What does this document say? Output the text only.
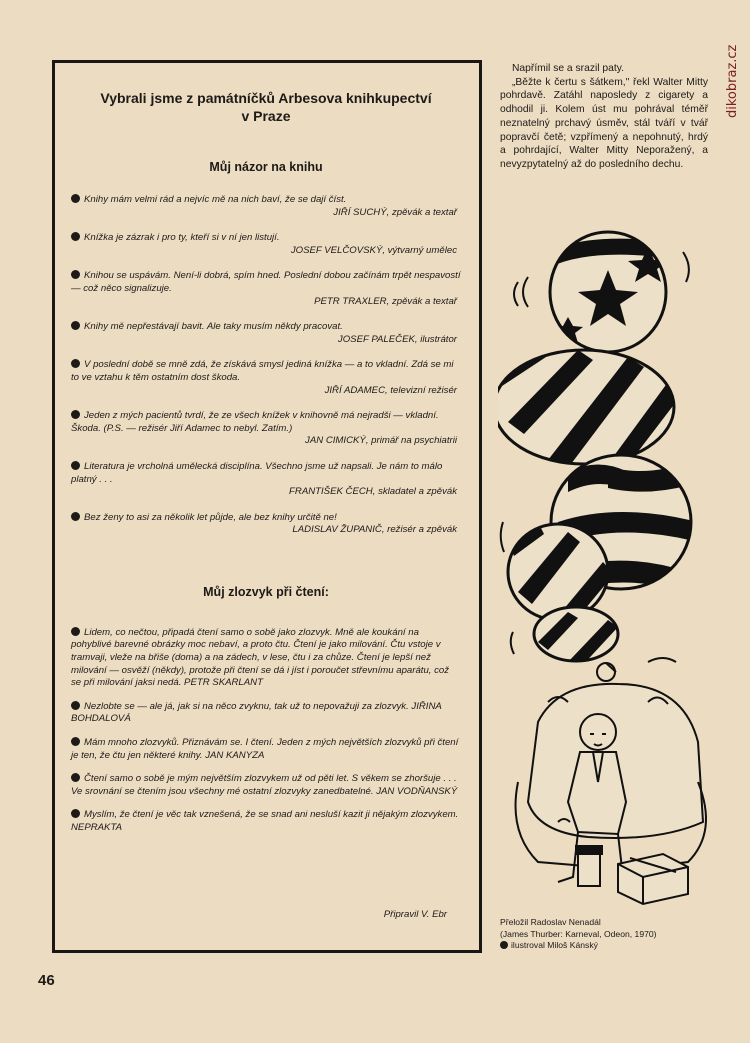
dikobraz.cz
Vybrali jsme z památníčků Arbesova knihkupectví
v Praze
Můj názor na knihu
Knihy mám velmi rád a nejvíc mě na nich baví, že se dají číst.
JIŘÍ SUCHÝ, zpěvák a textař
Knížka je zázrak i pro ty, kteří si v ní jen listují.
JOSEF VELČOVSKÝ, výtvarný umělec
Knihou se uspávám. Není-li dobrá, spím hned. Poslední dobou začínám trpět nespavostí — což něco signalizuje.
PETR TRAXLER, zpěvák a textař
Knihy mě nepřestávají bavit. Ale taky musím někdy pracovat.
JOSEF PALEČEK, ilustrátor
V poslední době se mně zdá, že získává smysl jediná knížka — a to vkladní. Zdá se mi to ve vztahu k těm ostatním dost škoda.
JIŘÍ ADAMEC, televizní režisér
Jeden z mých pacientů tvrdí, že ze všech knížek v knihovně má nejradši — vkladní. Škoda. (P.S. — režisér Jiří Adamec to nebyl. Zatím.)
JAN CIMICKÝ, primář na psychiatrii
Literatura je vrcholná umělecká disciplína. Všechno jsme už napsali. Je nám to málo platný . . .
FRANTIŠEK ČECH, skladatel a zpěvák
Bez ženy to asi za několik let půjde, ale bez knihy určitě ne!
LADISLAV ŽUPANIČ, režisér a zpěvák
Můj zlozvyk při čtení:
Lidem, co nečtou, připadá čtení samo o sobě jako zlozvyk. Mně ale koukání na pohyblivé barevné obrázky moc nebaví, a proto čtu. Čtení je jako milování. Čtu vstoje v tramvaji, vleže na břiše (doma) a na zádech, v lese, čtu i za chůze. Čtení je lepší než milování — osvěží (někdy), protože při čtení se dá i jíst i poroučet střevnímu aparátu, což se při milování jaksi nedá. PETR SKARLANT
Nezlobte se — ale já, jak si na něco zvyknu, tak už to nepovažuji za zlozvyk. JIŘINA BOHDALOVÁ
Mám mnoho zlozvyků. Přiznávám se. I čtení. Jeden z mých největších zlozvyků při čtení je ten, že čtu jen některé knihy. JAN KANYZA
Čtení samo o sobě je mým největším zlozvykem už od pěti let. S věkem se zhoršuje . . . Ve srovnání se čtením jsou všechny mé ostatní zlozvyky zanedbatelné. JAN VODŇANSKÝ
Myslím, že čtení je věc tak vznešená, že se snad ani nesluší kazit ji nějakým zlozvykem. NEPRAKTA
Připravil V. Ebr
46

Napřímil se a srazil paty.

„Běžte k čertu s šátkem," řekl Walter Mitty pohrdavě. Zatáhl naposledy z cigarety a odhodil ji. Kolem úst mu pohrával téměř neznatelný prchavý úsměv, stál tváří v tvář popravčí četě; vzpřímený a nepohnutý, hrdý a pohrdající, Walter Mitty Neporažený, a nevyzpytatelný až do posledního dechu.

Přeložil Radoslav Nenadál
(James Thurber: Karneval, Odeon, 1970)
ilustroval Miloš Kánský
